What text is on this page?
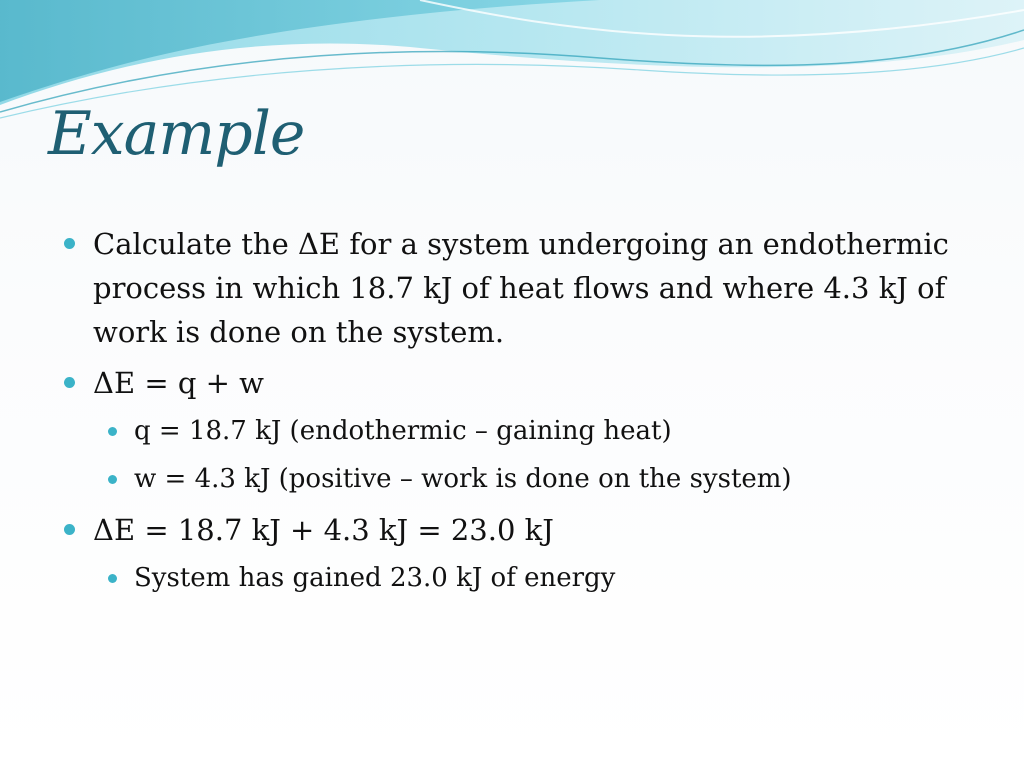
Example
Calculate the ΔE for a system undergoing an endothermic process in which 18.7 kJ of heat flows and where 4.3 kJ of work is done on the system.
ΔE = q + w
q = 18.7 kJ (endothermic – gaining heat)
w = 4.3 kJ (positive – work is done on the system)
ΔE = 18.7 kJ + 4.3 kJ = 23.0 kJ
System has gained 23.0 kJ of energy
